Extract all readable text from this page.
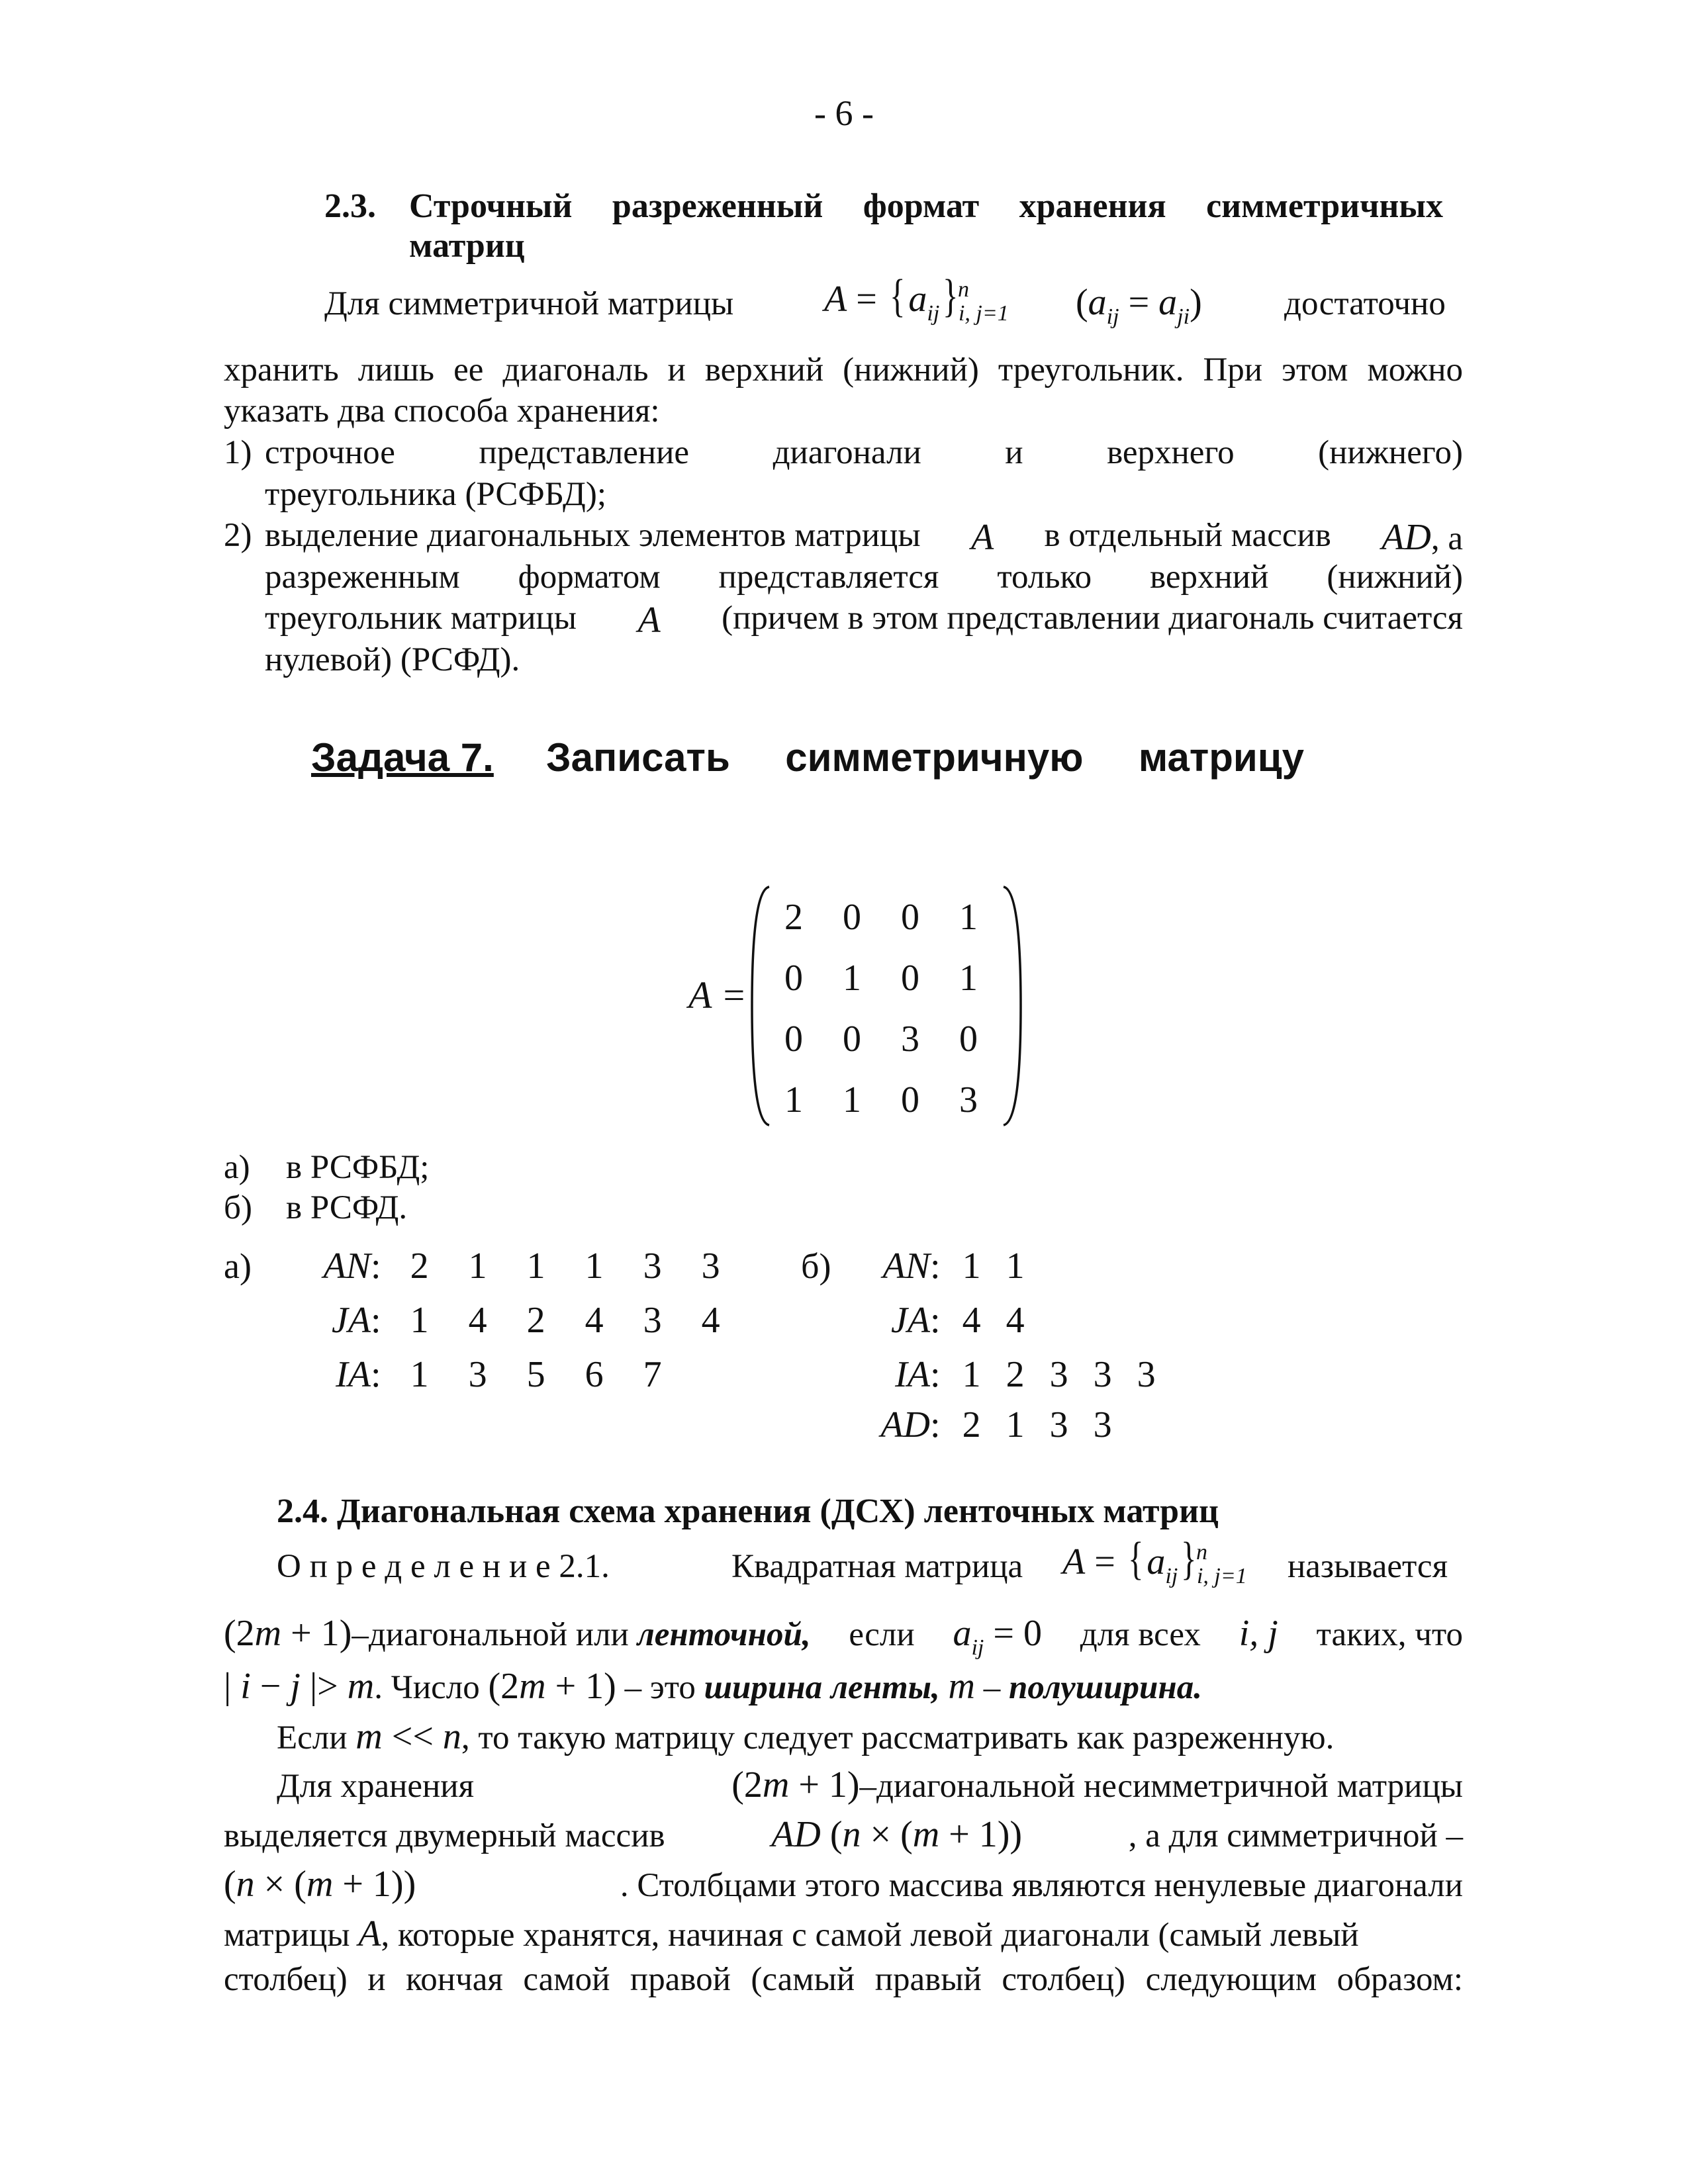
- 6 -
2.3. Строчный разреженный формат хранения симметричных
матриц
Для симметричной матрицы $A = \{a_{ij}\}^n_{i, j=1}$ $(a_{ij} = a_{ji})$ достаточно
хранить лишь ее диагональ и верхний (нижний) треугольник. При этом можно
указать два способа хранения:
1) строчное представление диагонали и верхнего (нижнего)
треугольника (РСФБД);
2) выделение диагональных элементов матрицы A в отдельный массив AD, а
разреженным форматом представляется только верхний (нижний)
треугольник матрицы A (причем в этом представлении диагональ считается
нулевой) (РСФД).
Задача 7. Записать симметричную матрицу
A =
2	0	0	1
0	1	0	1
0	0	3	0
1	1	0	3
а) в РСФБД;
б) в РСФД.
а)	AN: 2 1 1 1 3 3
JA: 1 4 2 4 3 4
IA: 1 3 5 6 7
б)	AN: 1 1
JA: 4 4
IA: 1 2 3 3 3
AD: 2 1 3 3
2.4. Диагональная схема хранения (ДСХ) ленточных матриц
О п р е д е л е н и е 2.1.	Квадратная матрица $A = \{a_{ij}\}^n_{i, j=1}$ называется
(2m + 1)–диагональной или ленточной, если $a_{ij} = 0$ для всех i, j таких, что
| i − j |> m. Число (2m + 1) – это ширина ленты, m – полуширина.
Если m << n, то такую матрицу следует рассматривать как разреженную.
Для хранения	(2m + 1)–диагональной несимметричной матрицы
выделяется двумерный массив	AD (n × (m + 1))	, а для симметричной –
(n × (m + 1))	. Столбцами этого массива являются ненулевые диагонали
матрицы A, которые хранятся, начиная с самой левой диагонали (самый левый
столбец) и кончая самой правой (самый правый столбец) следующим образом:
